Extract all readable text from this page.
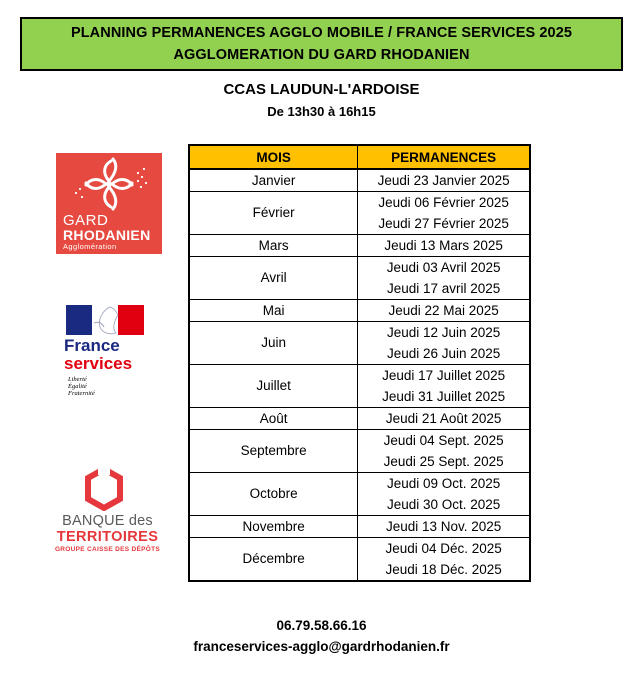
PLANNING PERMANENCES AGGLO MOBILE / FRANCE SERVICES 2025
AGGLOMERATION DU GARD RHODANIEN
CCAS LAUDUN-L'ARDOISE
De 13h30 à 16h15
GARD
RHODANIEN
Agglomération
France
services
Liberté
Égalité
Fraternité
BANQUE des
TERRITOIRES
GROUPE CAISSE DES DÉPÔTS
MOIS	PERMANENCES
Janvier	Jeudi 23 Janvier 2025

Février	Jeudi 06 Février 2025
Jeudi 27 Février 2025

Mars	Jeudi 13 Mars 2025

Avril	Jeudi 03 Avril 2025
Jeudi 17 avril 2025

Mai	Jeudi 22 Mai 2025

Juin	Jeudi 12 Juin 2025
Jeudi 26 Juin 2025

Juillet	Jeudi 17 Juillet 2025
Jeudi 31 Juillet 2025

Août	Jeudi 21 Août 2025

Septembre	Jeudi 04 Sept. 2025
Jeudi 25 Sept. 2025

Octobre	Jeudi 09 Oct. 2025
Jeudi 30 Oct. 2025

Novembre	Jeudi 13 Nov. 2025

Décembre	Jeudi 04 Déc. 2025
Jeudi 18 Déc. 2025
06.79.58.66.16
franceservices-agglo@gardrhodanien.fr
